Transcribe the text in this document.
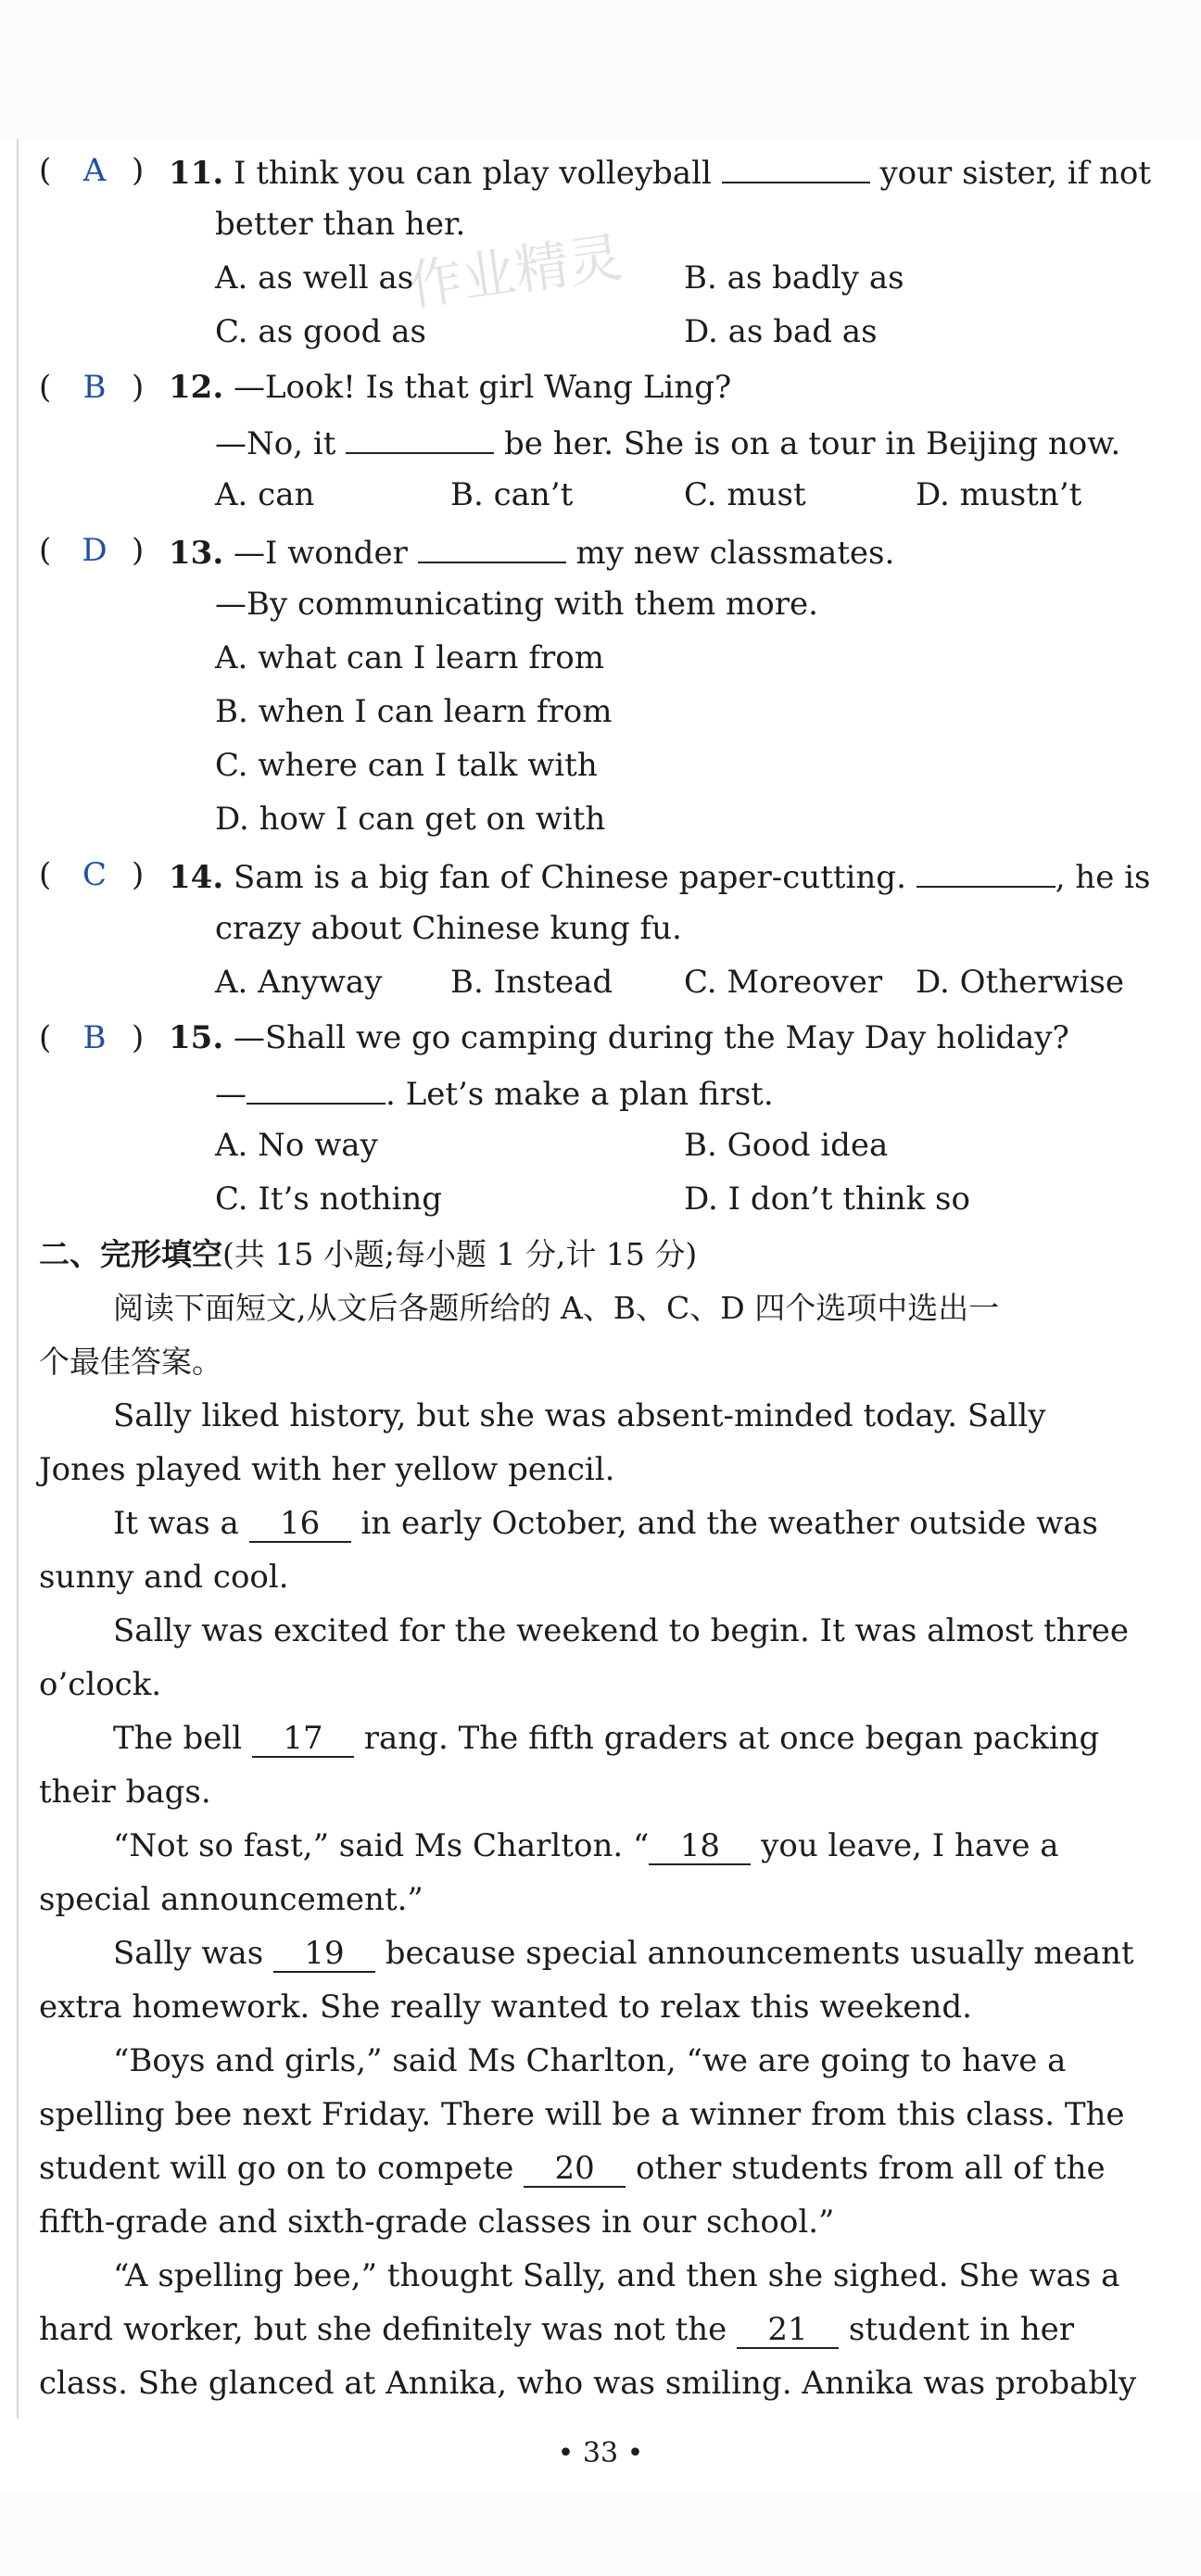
作业精灵
(	A ) 11. I think you can play volleyball	your sister, if not
better than her.
A. as well as	B. as badly as
C. as good as	D. as bad as
(	B ) 12. —Look! Is that girl Wang Ling?
—No, it	be her. She is on a tour in Beijing now.
A. can	B. can’t	C. must	D. mustn’t
( D ) 13. —I wonder	my new classmates.
—By communicating with them more.
A. what can I learn from
B. when I can learn from
C. where can I talk with
D. how I can get on with
( C ) 14. Sam is a big fan of Chinese paper-cutting.	, he is
crazy about Chinese kung fu.
A. Anyway B. Instead C. Moreover D. Otherwise
(	B ) 15. —Shall we go camping during the May Day holiday?
—	. Let’s make a plan first.
A. No way	B. Good idea
C. It’s nothing	D. I don’t think so
二、完形填空(共 15 小题;每小题 1 分,计 15 分)
阅读下面短文,从文后各题所给的 A、B、C、D 四个选项中选出一
个最佳答案。
Sally liked history, but she was absent-minded today. Sally
Jones played with her yellow pencil.
It was a 16 in early October, and the weather outside was
sunny and cool.
Sally was excited for the weekend to begin. It was almost three
o’clock.
The bell 17 rang. The fifth graders at once began packing
their bags.
“Not so fast,” said Ms Charlton. “ 18 you leave, I have a
special announcement.”
Sally was 19 because special announcements usually meant
extra homework. She really wanted to relax this weekend.
“Boys and girls,” said Ms Charlton, “we are going to have a
spelling bee next Friday. There will be a winner from this class. The
student will go on to compete 20 other students from all of the
fifth-grade and sixth-grade classes in our school.”
“A spelling bee,” thought Sally, and then she sighed. She was a
hard worker, but she definitely was not the 21 student in her
class. She glanced at Annika, who was smiling. Annika was probably
• 33 •
